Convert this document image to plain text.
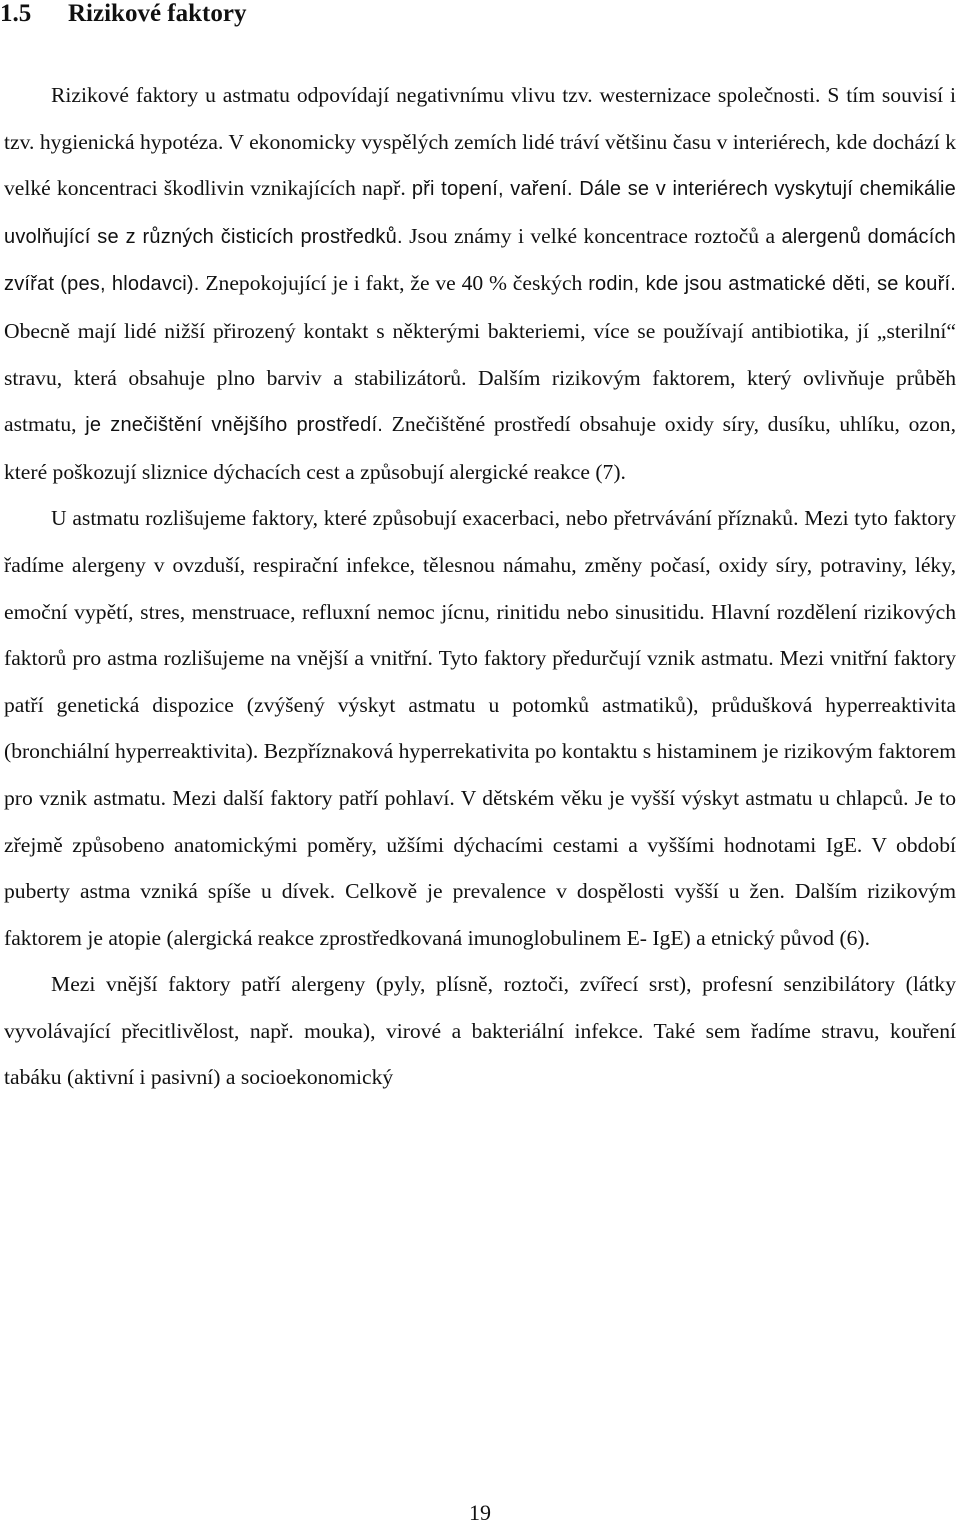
1.5 Rizikové faktory

Rizikové faktory u astmatu odpovídají negativnímu vlivu tzv. westernizace společnosti. S tím souvisí i tzv. hygienická hypotéza. V ekonomicky vyspělých zemích lidé tráví většinu času v interiérech, kde dochází k velké koncentraci škodlivin vznikajících např. při topení, vaření. Dále se v interiérech vyskytují chemikálie uvolňující se z různých čisticích prostředků. Jsou známy i velké koncentrace roztočů a alergenů domácích zvířat (pes, hlodavci). Znepokojující je i fakt, že ve 40 % českých rodin, kde jsou astmatické děti, se kouří. Obecně mají lidé nižší přirozený kontakt s některými bakteriemi, více se používají antibiotika, jí „sterilní“ stravu, která obsahuje plno barviv a stabilizátorů. Dalším rizikovým faktorem, který ovlivňuje průběh astmatu, je znečištění vnějšího prostředí. Znečištěné prostředí obsahuje oxidy síry, dusíku, uhlíku, ozon, které poškozují sliznice dýchacích cest a způsobují alergické reakce (7).

U astmatu rozlišujeme faktory, které způsobují exacerbaci, nebo přetrvávání příznaků. Mezi tyto faktory řadíme alergeny v ovzduší, respirační infekce, tělesnou námahu, změny počasí, oxidy síry, potraviny, léky, emoční vypětí, stres, menstruace, refluxní nemoc jícnu, rinitidu nebo sinusitidu. Hlavní rozdělení rizikových faktorů pro astma rozlišujeme na vnější a vnitřní. Tyto faktory předurčují vznik astmatu. Mezi vnitřní faktory patří genetická dispozice (zvýšený výskyt astmatu u potomků astmatiků), průdušková hyperreaktivita (bronchiální hyperreaktivita). Bezpříznaková hyperrekativita po kontaktu s histaminem je rizikovým faktorem pro vznik astmatu. Mezi další faktory patří pohlaví. V dětském věku je vyšší výskyt astmatu u chlapců. Je to zřejmě způsobeno anatomickými poměry, užšími dýchacími cestami a vyššími hodnotami IgE. V období puberty astma vzniká spíše u dívek. Celkově je prevalence v dospělosti vyšší u žen. Dalším rizikovým faktorem je atopie (alergická reakce zprostředkovaná imunoglobulinem E- IgE) a etnický původ (6).

Mezi vnější faktory patří alergeny (pyly, plísně, roztoči, zvířecí srst), profesní senzibilátory (látky vyvolávající přecitlivělost, např. mouka), virové a bakteriální infekce. Také sem řadíme stravu, kouření tabáku (aktivní i pasivní) a socioekonomický

19
